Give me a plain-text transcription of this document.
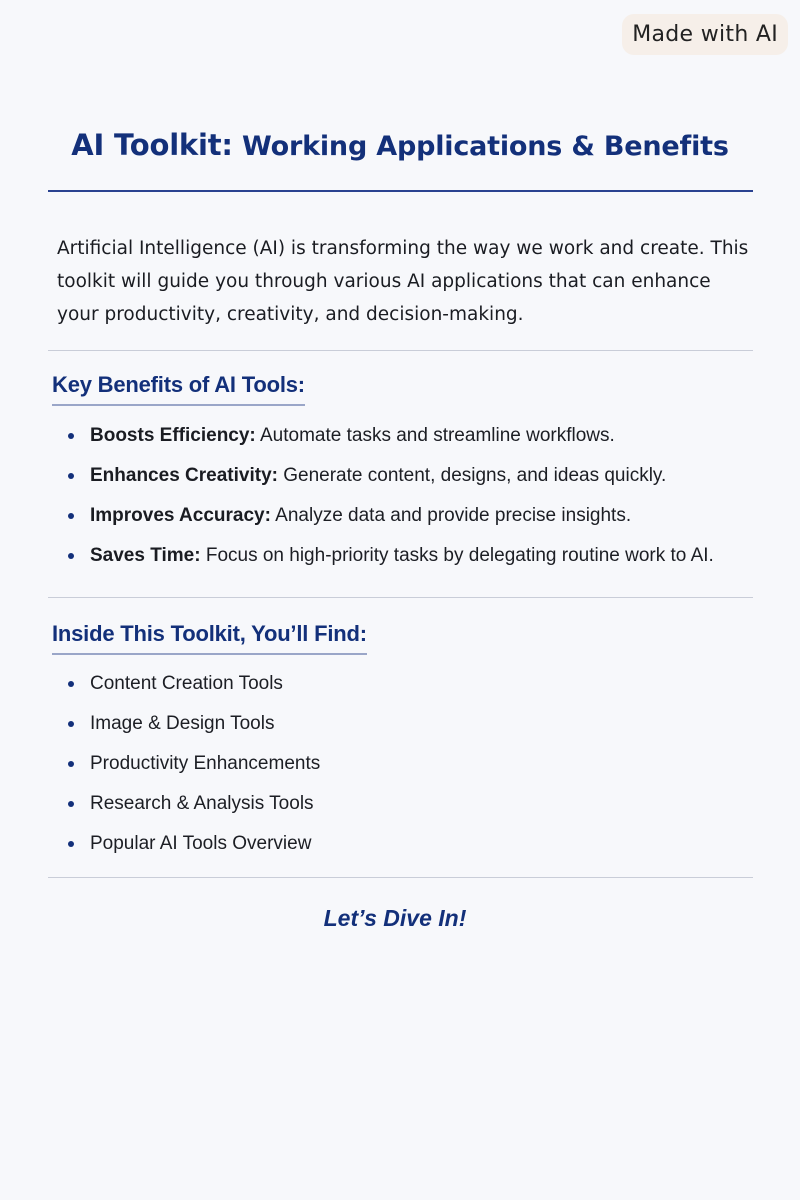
Made with AI
AI Toolkit: Working Applications & Benefits

Artificial Intelligence (AI) is transforming the way we work and create. This toolkit will guide you through various AI applications that can enhance your productivity, creativity, and decision-making.

Key Benefits of AI Tools:
Boosts Efficiency: Automate tasks and streamline workflows.
Enhances Creativity: Generate content, designs, and ideas quickly.
Improves Accuracy: Analyze data and provide precise insights.
Saves Time: Focus on high-priority tasks by delegating routine work to AI.
Inside This Toolkit, You’ll Find:
Content Creation Tools
Image & Design Tools
Productivity Enhancements
Research & Analysis Tools
Popular AI Tools Overview

Let’s Dive In!
